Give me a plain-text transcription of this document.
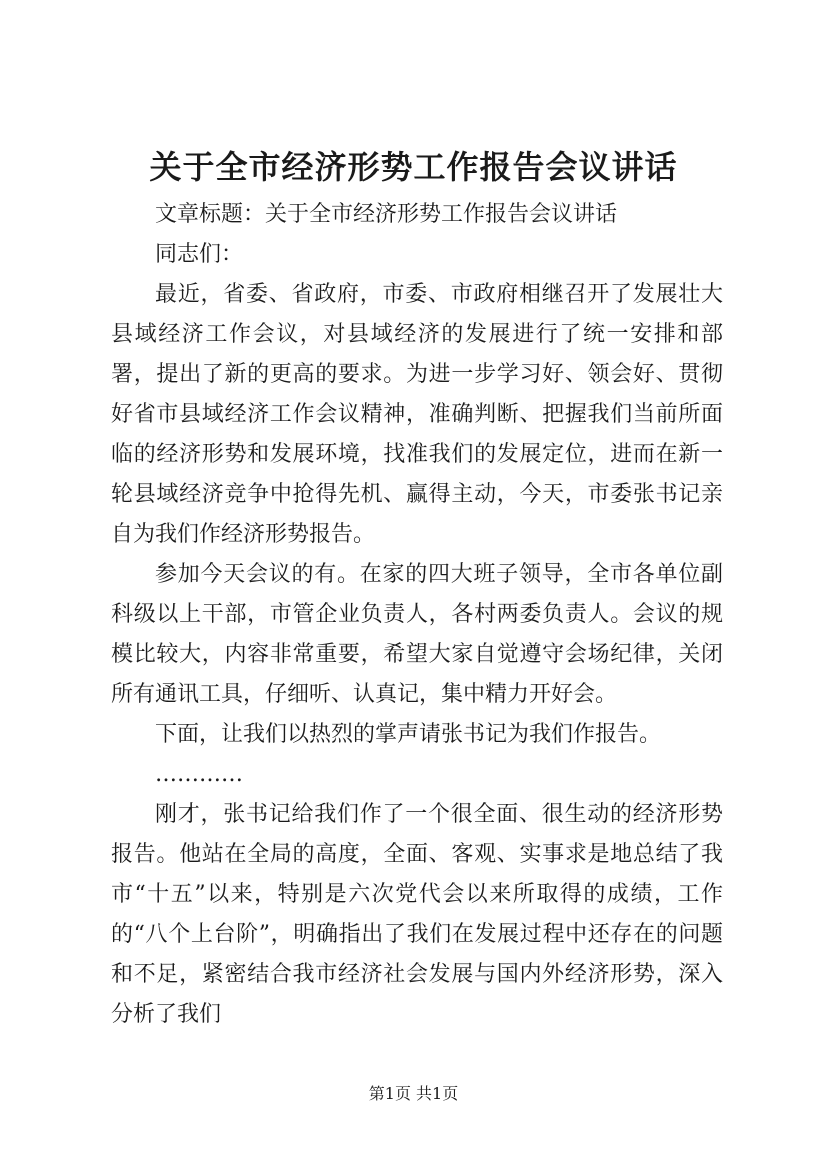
关于全市经济形势工作报告会议讲话

文章标题：关于全市经济形势工作报告会议讲话

同志们：

最近，省委、省政府，市委、市政府相继召开了发展壮大县域经济工作会议，对县域经济的发展进行了统一安排和部署，提出了新的更高的要求。为进一步学习好、领会好、贯彻好省市县域经济工作会议精神，准确判断、把握我们当前所面临的经济形势和发展环境，找准我们的发展定位，进而在新一轮县域经济竞争中抢得先机、赢得主动，今天，市委张书记亲自为我们作经济形势报告。

参加今天会议的有。在家的四大班子领导，全市各单位副科级以上干部，市管企业负责人，各村两委负责人。会议的规模比较大，内容非常重要，希望大家自觉遵守会场纪律，关闭所有通讯工具，仔细听、认真记，集中精力开好会。

下面，让我们以热烈的掌声请张书记为我们作报告。

…………

刚才，张书记给我们作了一个很全面、很生动的经济形势报告。他站在全局的高度，全面、客观、实事求是地总结了我市“十五”以来，特别是六次党代会以来所取得的成绩，工作的“八个上台阶”，明确指出了我们在发展过程中还存在的问题和不足，紧密结合我市经济社会发展与国内外经济形势，深入分析了我们

第1页 共1页
